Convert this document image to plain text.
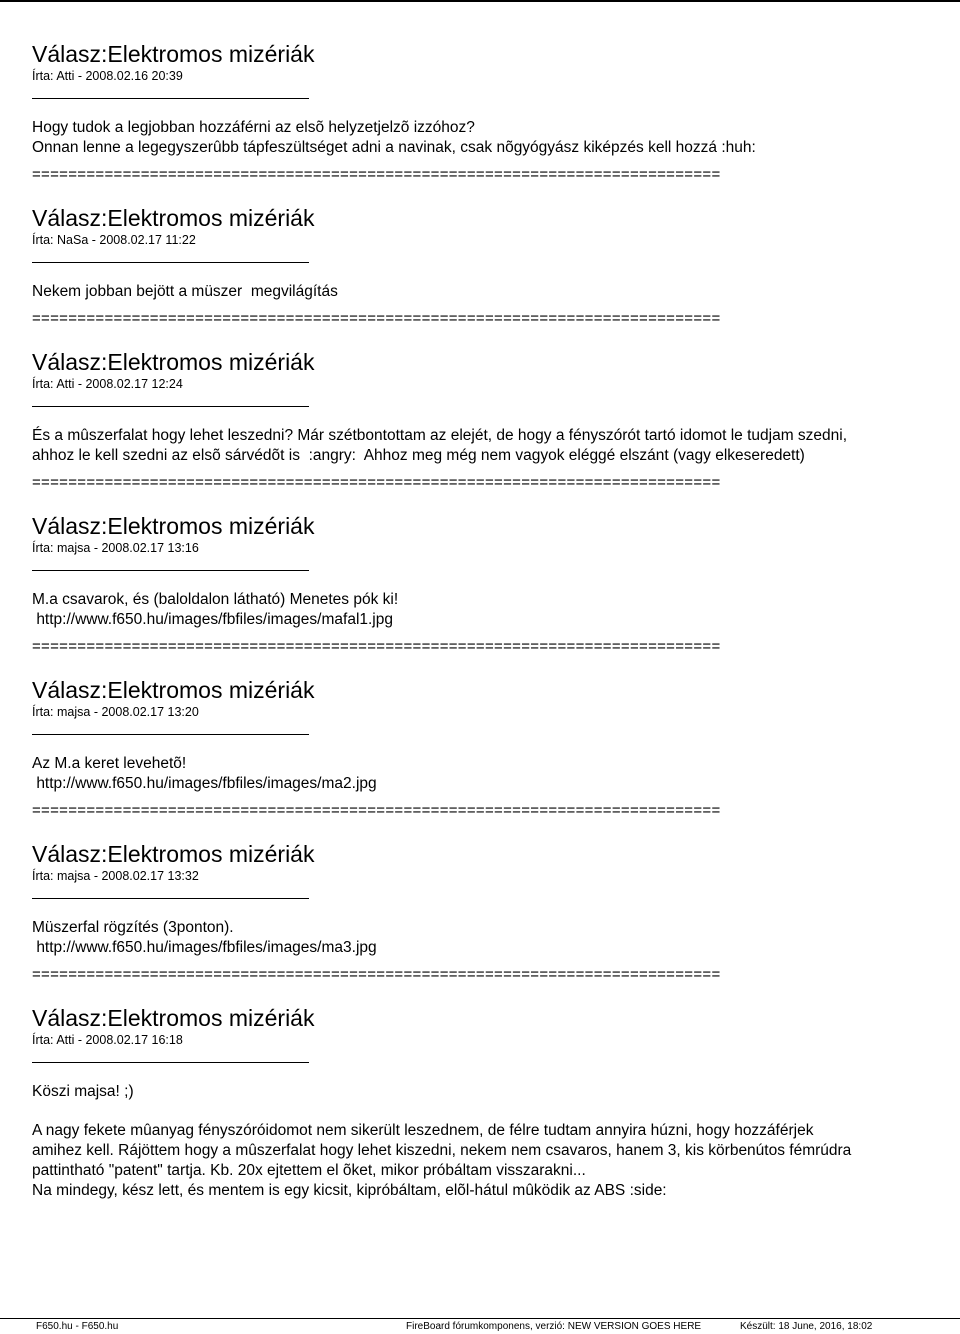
Válasz:Elektromos mizériák
Írta: Atti - 2008.02.16 20:39

Hogy tudok a legjobban hozzáférni az elsõ helyzetjelzõ izzóhoz?

Onnan lenne a legegyszerûbb tápfeszültséget adni a navinak, csak nõgyógyász kiképzés kell hozzá :huh:

============================================================================
Válasz:Elektromos mizériák
Írta: NaSa - 2008.02.17 11:22

Nekem jobban bejött a müszer  megvilágítás

============================================================================
Válasz:Elektromos mizériák
Írta: Atti - 2008.02.17 12:24

És a mûszerfalat hogy lehet leszedni? Már szétbontottam az elejét, de hogy a fényszórót tartó idomot le tudjam szedni,

ahhoz le kell szedni az elsõ sárvédõt is  :angry:  Ahhoz meg még nem vagyok eléggé elszánt (vagy elkeseredett)

============================================================================
Válasz:Elektromos mizériák
Írta: majsa - 2008.02.17 13:16

M.a csavarok, és (baloldalon látható) Menetes pók ki!

http://www.f650.hu/images/fbfiles/images/mafal1.jpg

============================================================================
Válasz:Elektromos mizériák
Írta: majsa - 2008.02.17 13:20

Az M.a keret levehetõ!

http://www.f650.hu/images/fbfiles/images/ma2.jpg

============================================================================
Válasz:Elektromos mizériák
Írta: majsa - 2008.02.17 13:32

Müszerfal rögzítés (3ponton).

http://www.f650.hu/images/fbfiles/images/ma3.jpg

============================================================================
Válasz:Elektromos mizériák
Írta: Atti - 2008.02.17 16:18

Köszi majsa! ;)

A nagy fekete mûanyag fényszóróidomot nem sikerült leszednem, de félre tudtam annyira húzni, hogy hozzáférjek

amihez kell. Rájöttem hogy a mûszerfalat hogy lehet kiszedni, nekem nem csavaros, hanem 3, kis körbenútos fémrúdra

pattintható "patent" tartja. Kb. 20x ejtettem el õket, mikor próbáltam visszarakni...

Na mindegy, kész lett, és mentem is egy kicsit, kipróbáltam, elõl-hátul mûködik az ABS :side:

F650.hu - F650.hu	FireBoard fórumkomponens, verzió: NEW VERSION GOES HERE	Készült: 18 June, 2016, 18:02
